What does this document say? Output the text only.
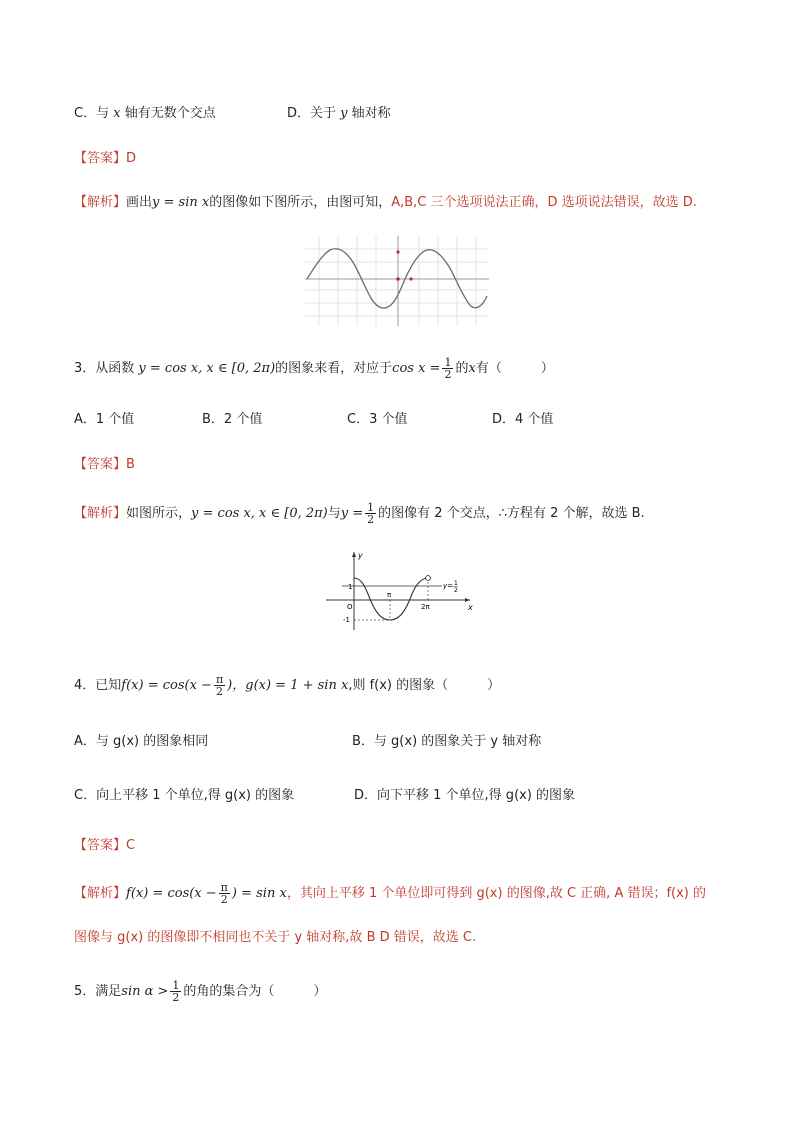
C．与 x 轴有无数个交点	D．关于 y 轴对称
【答案】D
【解析】画出y = sin x的图像如下图所示，由图可知，A,B,C 三个选项说法正确，D 选项说法错误，故选 D.
3．从函数 y = cos x, x ∈ [0, 2π)的图象来看，对应于$\cos x = \frac{1}{2}$ 的x有（　　　）
A．1 个值	B．2 个值	C．3 个值	D．4 个值
【答案】B
【解析】如图所示，y = cos x, x ∈ [0, 2π)与$y = \frac{1}{2}$ 的图像有 2 个交点，∴方程有 2 个解，故选 B.
y
x
O
1
-1
π
2π
y= 1
2
4．已知$f(x) = \cos(x - \frac{\pi}{2}$ )，g(x) = 1 + sin x,则 f(x) 的图象（　　　）
A．与 g(x) 的图象相同	B．与 g(x) 的图象关于 y 轴对称
C．向上平移 1 个单位,得 g(x) 的图象	D．向下平移 1 个单位,得 g(x) 的图象
【答案】C
【解析】$f(x) = \cos(x - \frac{\pi}{2}$ ) = sin x，其向上平移 1 个单位即可得到 g(x) 的图像,故 C 正确, A 错误；f(x) 的
图像与 g(x) 的图像即不相同也不关于 y 轴对称,故 B D 错误，故选 C.
5．满足$\sin \alpha > \frac{1}{2}$ 的角的集合为（　　　）
